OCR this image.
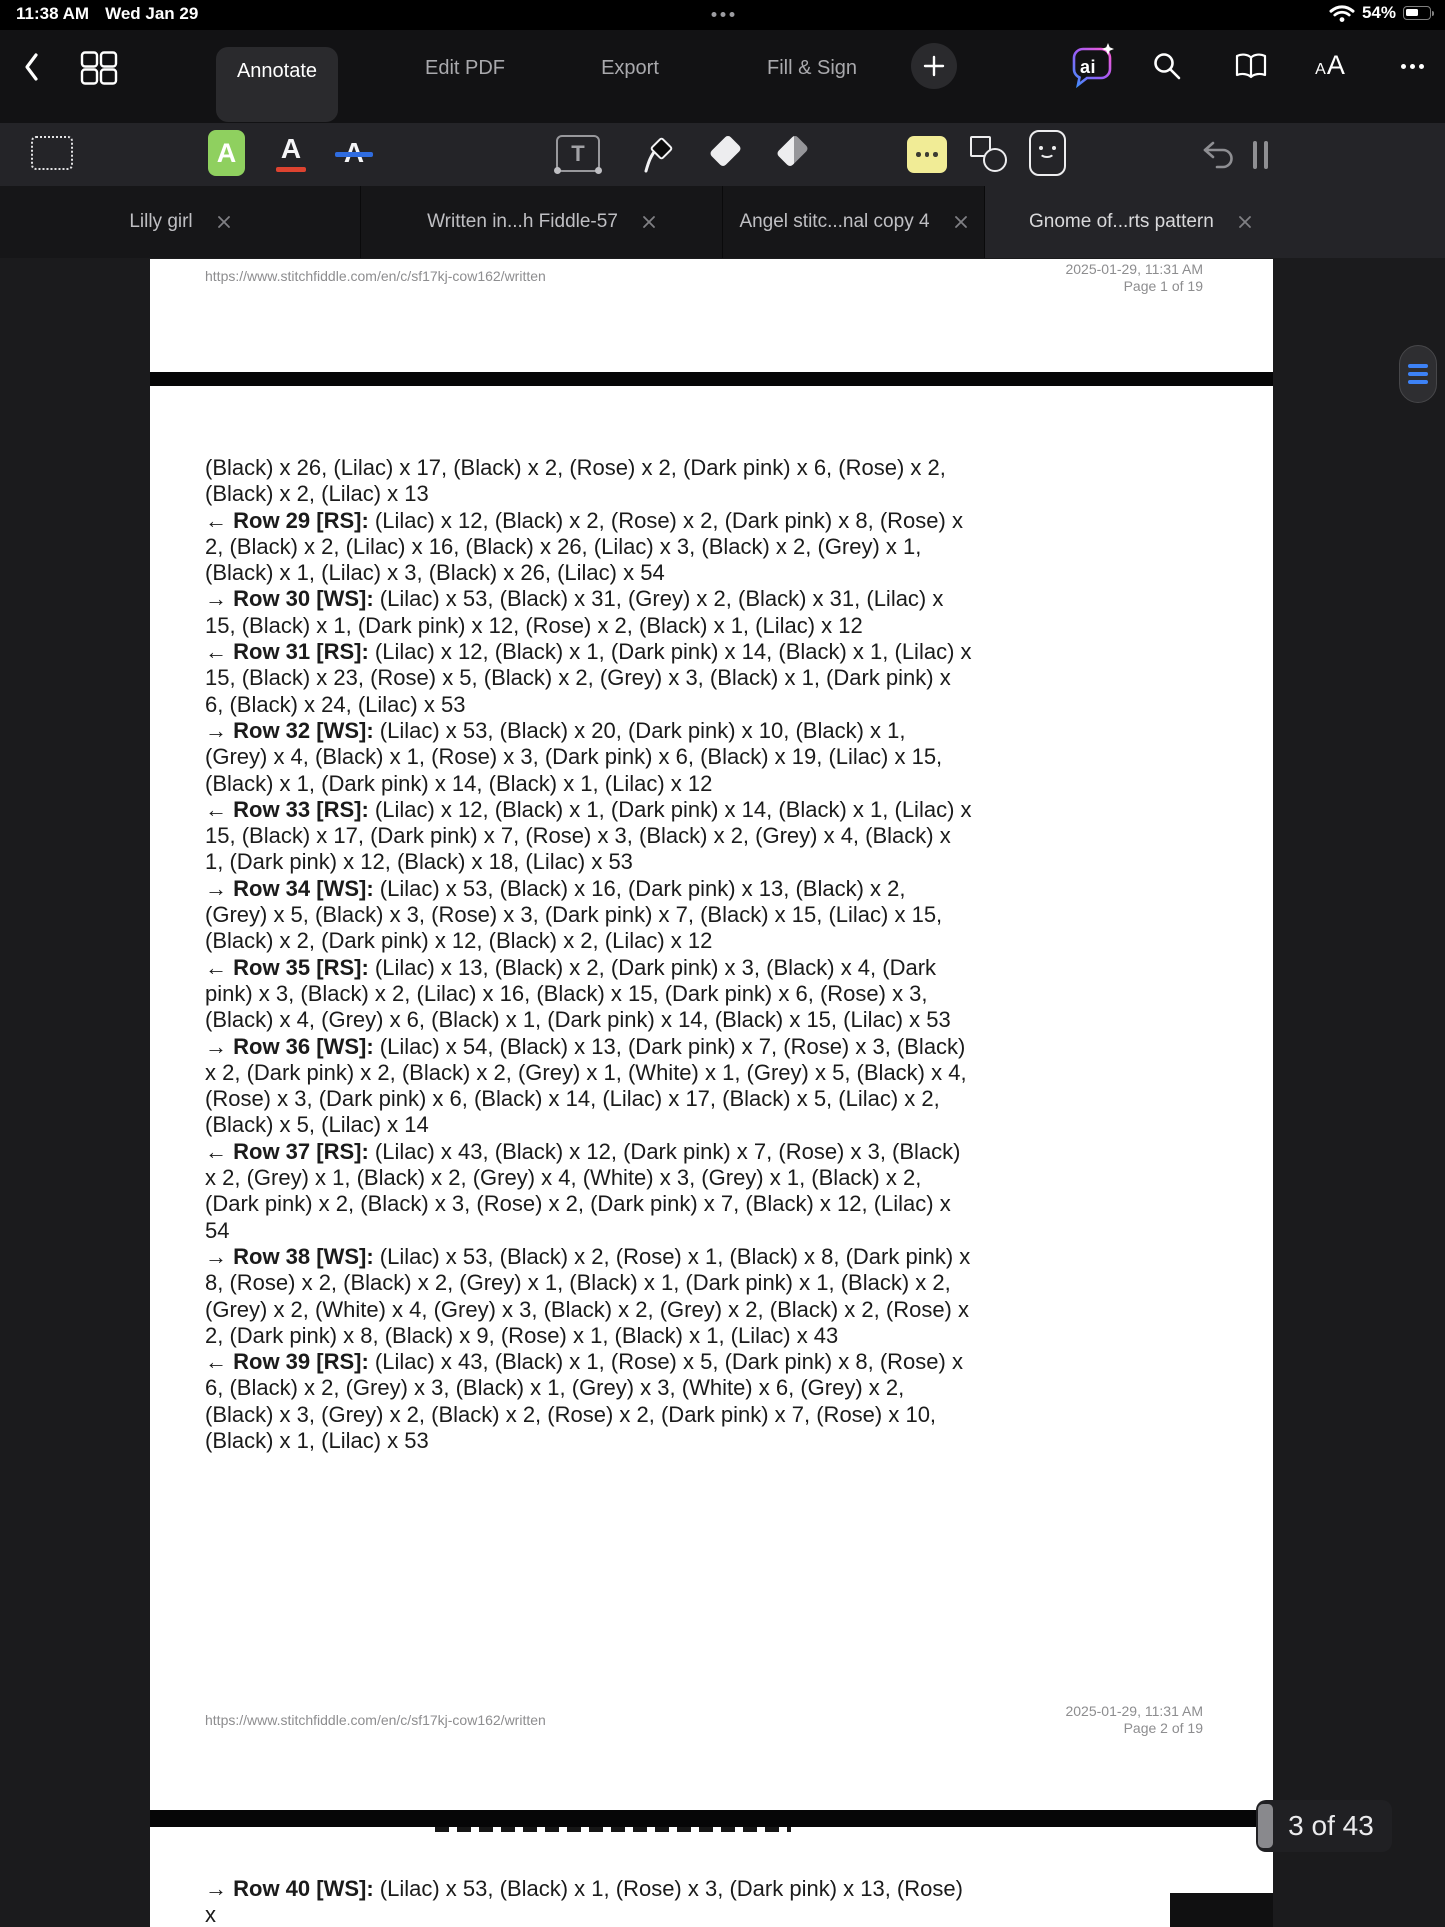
11:38 AM Wed Jan 29	54%
Annotate	Edit PDF	Export	Fill & Sign	ai	A A
A A	T
Lilly girl	Written in...h Fiddle-57	Angel stitc...nal copy 4	Gnome of...rts pattern
https://www.stitchfiddle.com/en/c/sf17kj-cow162/written	2025-01-29, 11:31 AM
Page 1 of 19

(Black) x 26, (Lilac) x 17, (Black) x 2, (Rose) x 2, (Dark pink) x 6, (Rose) x 2, (Black) x 2, (Lilac) x 13

← Row 29 [RS]: (Lilac) x 12, (Black) x 2, (Rose) x 2, (Dark pink) x 8, (Rose) x 2, (Black) x 2, (Lilac) x 16, (Black) x 26, (Lilac) x 3, (Black) x 2, (Grey) x 1, (Black) x 1, (Lilac) x 3, (Black) x 26, (Lilac) x 54

→ Row 30 [WS]: (Lilac) x 53, (Black) x 31, (Grey) x 2, (Black) x 31, (Lilac) x 15, (Black) x 1, (Dark pink) x 12, (Rose) x 2, (Black) x 1, (Lilac) x 12

← Row 31 [RS]: (Lilac) x 12, (Black) x 1, (Dark pink) x 14, (Black) x 1, (Lilac) x 15, (Black) x 23, (Rose) x 5, (Black) x 2, (Grey) x 3, (Black) x 1, (Dark pink) x 6, (Black) x 24, (Lilac) x 53

→ Row 32 [WS]: (Lilac) x 53, (Black) x 20, (Dark pink) x 10, (Black) x 1, (Grey) x 4, (Black) x 1, (Rose) x 3, (Dark pink) x 6, (Black) x 19, (Lilac) x 15, (Black) x 1, (Dark pink) x 14, (Black) x 1, (Lilac) x 12

← Row 33 [RS]: (Lilac) x 12, (Black) x 1, (Dark pink) x 14, (Black) x 1, (Lilac) x 15, (Black) x 17, (Dark pink) x 7, (Rose) x 3, (Black) x 2, (Grey) x 4, (Black) x 1, (Dark pink) x 12, (Black) x 18, (Lilac) x 53

→ Row 34 [WS]: (Lilac) x 53, (Black) x 16, (Dark pink) x 13, (Black) x 2, (Grey) x 5, (Black) x 3, (Rose) x 3, (Dark pink) x 7, (Black) x 15, (Lilac) x 15, (Black) x 2, (Dark pink) x 12, (Black) x 2, (Lilac) x 12

← Row 35 [RS]: (Lilac) x 13, (Black) x 2, (Dark pink) x 3, (Black) x 4, (Dark pink) x 3, (Black) x 2, (Lilac) x 16, (Black) x 15, (Dark pink) x 6, (Rose) x 3, (Black) x 4, (Grey) x 6, (Black) x 1, (Dark pink) x 14, (Black) x 15, (Lilac) x 53

→ Row 36 [WS]: (Lilac) x 54, (Black) x 13, (Dark pink) x 7, (Rose) x 3, (Black) x 2, (Dark pink) x 2, (Black) x 2, (Grey) x 1, (White) x 1, (Grey) x 5, (Black) x 4, (Rose) x 3, (Dark pink) x 6, (Black) x 14, (Lilac) x 17, (Black) x 5, (Lilac) x 2, (Black) x 5, (Lilac) x 14

← Row 37 [RS]: (Lilac) x 43, (Black) x 12, (Dark pink) x 7, (Rose) x 3, (Black) x 2, (Grey) x 1, (Black) x 2, (Grey) x 4, (White) x 3, (Grey) x 1, (Black) x 2, (Dark pink) x 2, (Black) x 3, (Rose) x 2, (Dark pink) x 7, (Black) x 12, (Lilac) x 54

→ Row 38 [WS]: (Lilac) x 53, (Black) x 2, (Rose) x 1, (Black) x 8, (Dark pink) x 8, (Rose) x 2, (Black) x 2, (Grey) x 1, (Black) x 1, (Dark pink) x 1, (Black) x 2, (Grey) x 2, (White) x 4, (Grey) x 3, (Black) x 2, (Grey) x 2, (Black) x 2, (Rose) x 2, (Dark pink) x 8, (Black) x 9, (Rose) x 1, (Black) x 1, (Lilac) x 43

← Row 39 [RS]: (Lilac) x 43, (Black) x 1, (Rose) x 5, (Dark pink) x 8, (Rose) x 6, (Black) x 2, (Grey) x 3, (Black) x 1, (Grey) x 3, (White) x 6, (Grey) x 2, (Black) x 3, (Grey) x 2, (Black) x 2, (Rose) x 2, (Dark pink) x 7, (Rose) x 10, (Black) x 1, (Lilac) x 53

https://www.stitchfiddle.com/en/c/sf17kj-cow162/written
2025-01-29, 11:31 AM
Page 2 of 19

→ Row 40 [WS]: (Lilac) x 53, (Black) x 1, (Rose) x 3, (Dark pink) x 13, (Rose) x

3 of 43
